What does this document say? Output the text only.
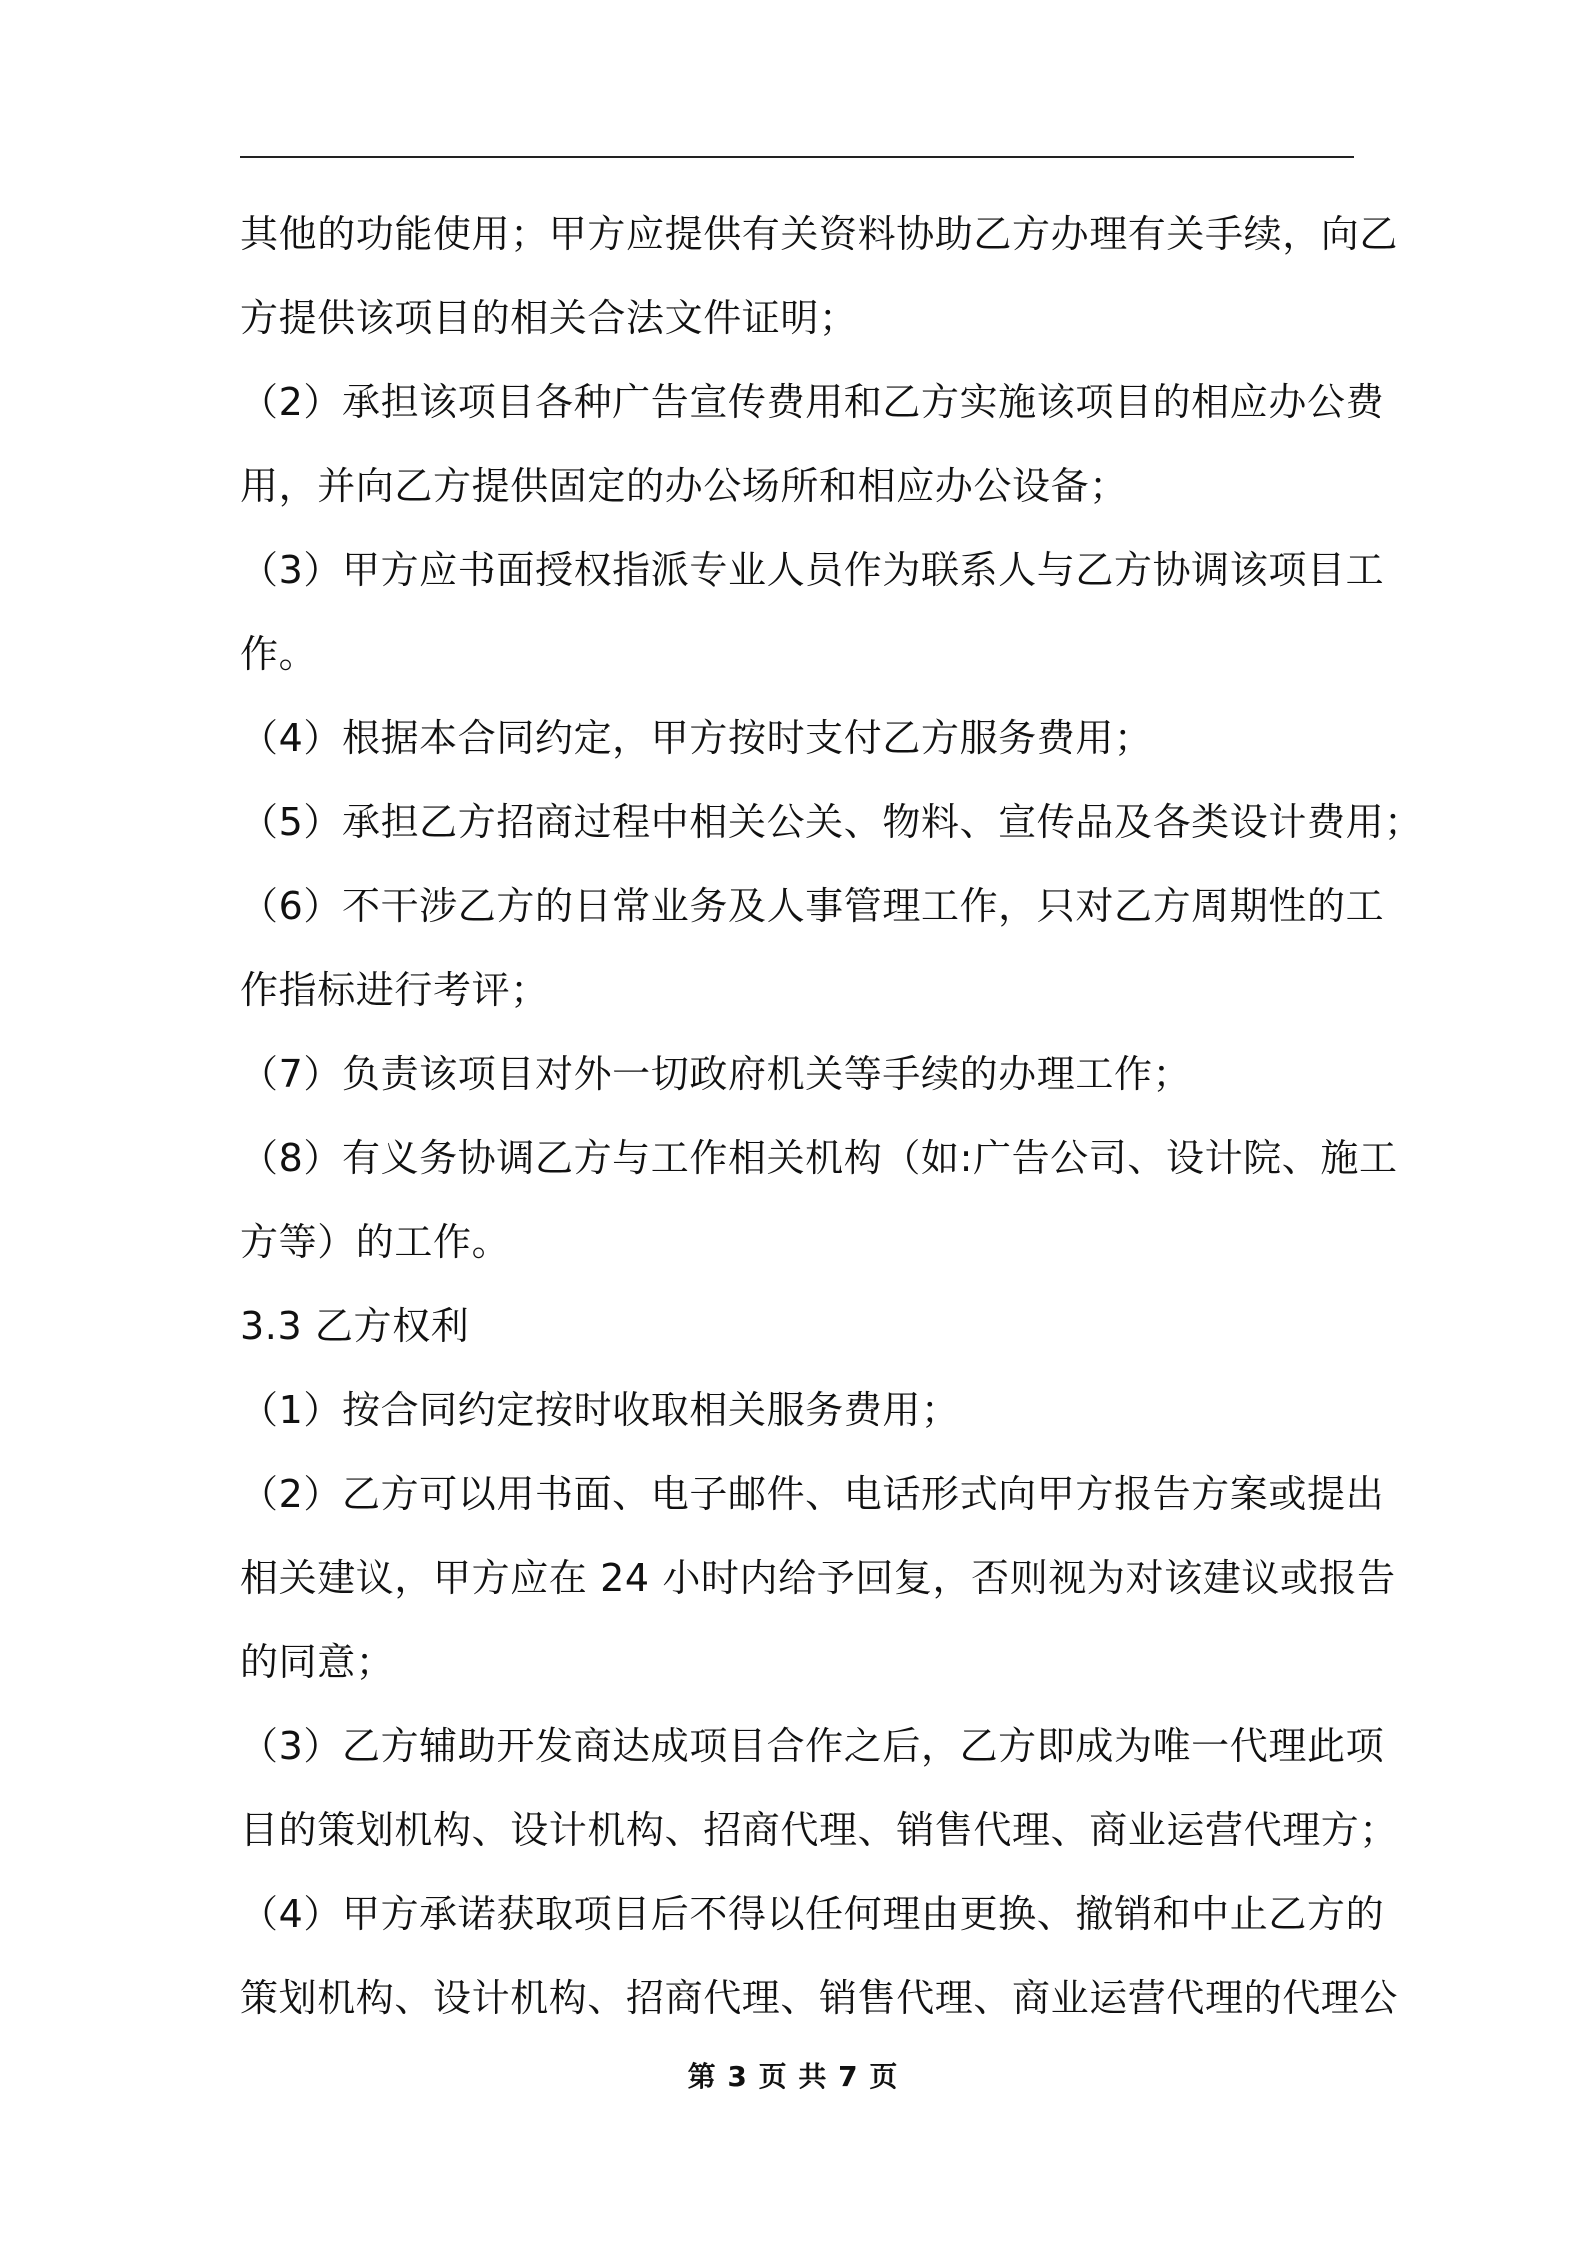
其他的功能使用；甲方应提供有关资料协助乙方办理有关手续，向乙
方提供该项目的相关合法文件证明；
（2）承担该项目各种广告宣传费用和乙方实施该项目的相应办公费
用，并向乙方提供固定的办公场所和相应办公设备；
（3）甲方应书面授权指派专业人员作为联系人与乙方协调该项目工
作。
（4）根据本合同约定，甲方按时支付乙方服务费用；
（5）承担乙方招商过程中相关公关、物料、宣传品及各类设计费用；
（6）不干涉乙方的日常业务及人事管理工作，只对乙方周期性的工
作指标进行考评；
（7）负责该项目对外一切政府机关等手续的办理工作；
（8）有义务协调乙方与工作相关机构（如:广告公司、设计院、施工
方等）的工作。
3.3 乙方权利
（1）按合同约定按时收取相关服务费用；
（2）乙方可以用书面、电子邮件、电话形式向甲方报告方案或提出
相关建议，甲方应在 24 小时内给予回复，否则视为对该建议或报告
的同意；
（3）乙方辅助开发商达成项目合作之后，乙方即成为唯一代理此项
目的策划机构、设计机构、招商代理、销售代理、商业运营代理方；
（4）甲方承诺获取项目后不得以任何理由更换、撤销和中止乙方的
策划机构、设计机构、招商代理、销售代理、商业运营代理的代理公
第 3 页 共 7 页
